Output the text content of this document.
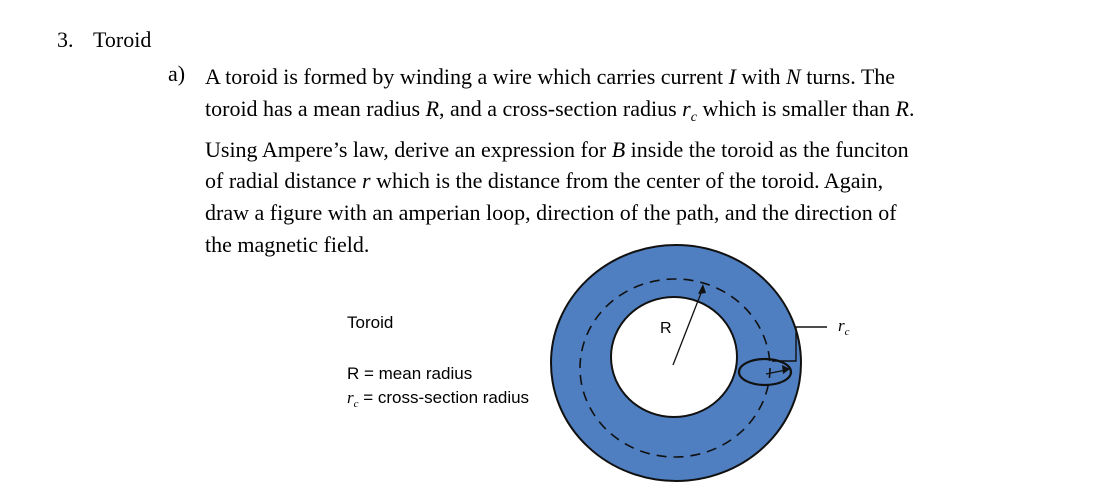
3. Toroid
a) A toroid is formed by winding a wire which carries current I with N turns. The
toroid has a mean radius R, and a cross-section radius $r_c$ which is smaller than R.
Using Ampere’s law, derive an expression for B inside the toroid as the funciton
of radial distance r which is the distance from the center of the toroid. Again,
draw a figure with an amperian loop, direction of the path, and the direction of
the magnetic field.
Toroid
R = mean radius
$r_c$ = cross-section radius
R	$r_c$
